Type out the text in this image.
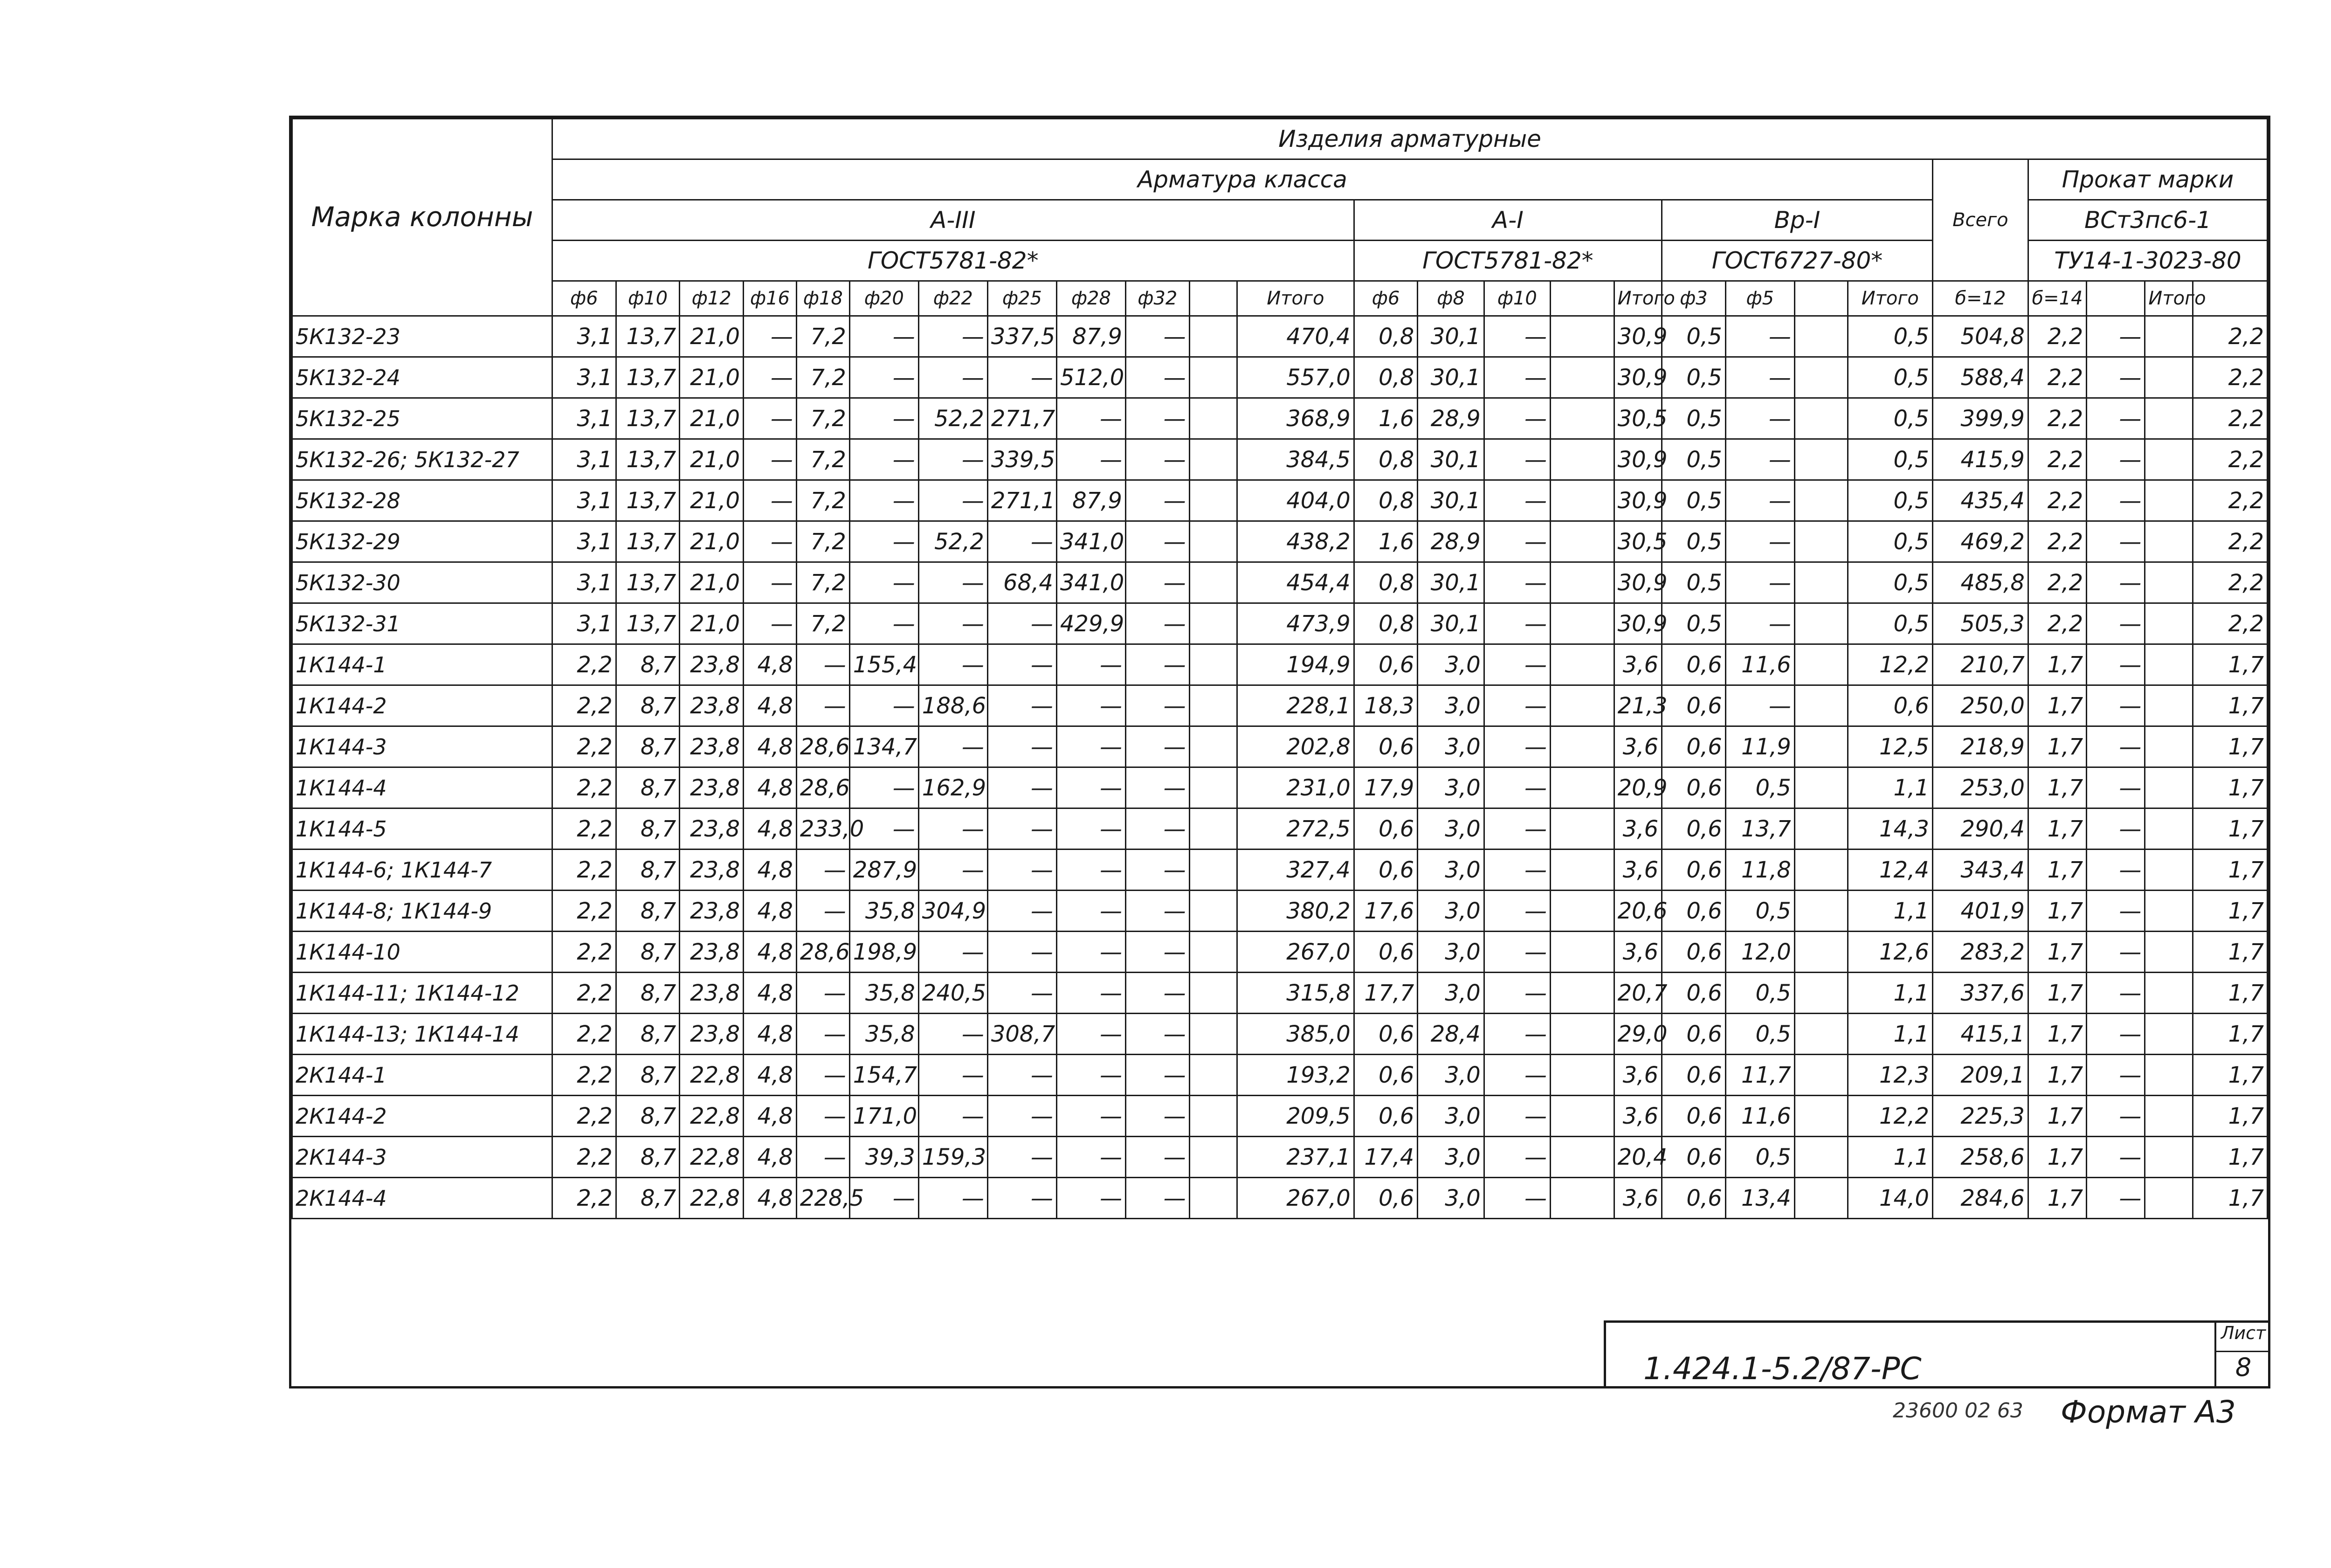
Марка колонны	Изделия арматурные	
	Арматура класса																					Всего	Прокат марки				
	А-III												А-I					Вр-I					ВСт3пс6-1				
	ГОСТ5781-82*												ГОСТ5781-82*					ГОСТ6727-80*					ТУ14-1-3023-80				
	ф6	ф10	ф12	ф16	ф18	ф20	ф22	ф25	ф28	ф32		Итого	ф6	ф8	ф10		Итого	ф3	ф5		Итого	б=12	б=14		Итого		
5К132-23	3,1	13,7	21,0	—	7,2	—	—	337,5	87,9	—		470,4	0,8	30,1	—		30,9	0,5	—		0,5	504,8	2,2	—		2,2	
5К132-24	3,1	13,7	21,0	—	7,2	—	—	—	512,0	—		557,0	0,8	30,1	—		30,9	0,5	—		0,5	588,4	2,2	—		2,2	
5К132-25	3,1	13,7	21,0	—	7,2	—	52,2	271,7	—	—		368,9	1,6	28,9	—		30,5	0,5	—		0,5	399,9	2,2	—		2,2	
5К132-26; 5К132-27	3,1	13,7	21,0	—	7,2	—	—	339,5	—	—		384,5	0,8	30,1	—		30,9	0,5	—		0,5	415,9	2,2	—		2,2	
5К132-28	3,1	13,7	21,0	—	7,2	—	—	271,1	87,9	—		404,0	0,8	30,1	—		30,9	0,5	—		0,5	435,4	2,2	—		2,2	
5К132-29	3,1	13,7	21,0	—	7,2	—	52,2	—	341,0	—		438,2	1,6	28,9	—		30,5	0,5	—		0,5	469,2	2,2	—		2,2	
5К132-30	3,1	13,7	21,0	—	7,2	—	—	68,4	341,0	—		454,4	0,8	30,1	—		30,9	0,5	—		0,5	485,8	2,2	—		2,2	
5К132-31	3,1	13,7	21,0	—	7,2	—	—	—	429,9	—		473,9	0,8	30,1	—		30,9	0,5	—		0,5	505,3	2,2	—		2,2	
1К144-1	2,2	8,7	23,8	4,8	—	155,4	—	—	—	—		194,9	0,6	3,0	—		3,6	0,6	11,6		12,2	210,7	1,7	—		1,7	
1К144-2	2,2	8,7	23,8	4,8	—	—	188,6	—	—	—		228,1	18,3	3,0	—		21,3	0,6	—		0,6	250,0	1,7	—		1,7	
1К144-3	2,2	8,7	23,8	4,8	28,6	134,7	—	—	—	—		202,8	0,6	3,0	—		3,6	0,6	11,9		12,5	218,9	1,7	—		1,7	
1К144-4	2,2	8,7	23,8	4,8	28,6	—	162,9	—	—	—		231,0	17,9	3,0	—		20,9	0,6	0,5		1,1	253,0	1,7	—		1,7	
1К144-5	2,2	8,7	23,8	4,8	233,0	—	—	—	—	—		272,5	0,6	3,0	—		3,6	0,6	13,7		14,3	290,4	1,7	—		1,7	
1К144-6; 1К144-7	2,2	8,7	23,8	4,8	—	287,9	—	—	—	—		327,4	0,6	3,0	—		3,6	0,6	11,8		12,4	343,4	1,7	—		1,7	
1К144-8; 1К144-9	2,2	8,7	23,8	4,8	—	35,8	304,9	—	—	—		380,2	17,6	3,0	—		20,6	0,6	0,5		1,1	401,9	1,7	—		1,7	
1К144-10	2,2	8,7	23,8	4,8	28,6	198,9	—	—	—	—		267,0	0,6	3,0	—		3,6	0,6	12,0		12,6	283,2	1,7	—		1,7	
1К144-11; 1К144-12	2,2	8,7	23,8	4,8	—	35,8	240,5	—	—	—		315,8	17,7	3,0	—		20,7	0,6	0,5		1,1	337,6	1,7	—		1,7	
1К144-13; 1К144-14	2,2	8,7	23,8	4,8	—	35,8	—	308,7	—	—		385,0	0,6	28,4	—		29,0	0,6	0,5		1,1	415,1	1,7	—		1,7	
2К144-1	2,2	8,7	22,8	4,8	—	154,7	—	—	—	—		193,2	0,6	3,0	—		3,6	0,6	11,7		12,3	209,1	1,7	—		1,7	
2К144-2	2,2	8,7	22,8	4,8	—	171,0	—	—	—	—		209,5	0,6	3,0	—		3,6	0,6	11,6		12,2	225,3	1,7	—		1,7	
2К144-3	2,2	8,7	22,8	4,8	—	39,3	159,3	—	—	—		237,1	17,4	3,0	—		20,4	0,6	0,5		1,1	258,6	1,7	—		1,7	
2К144-4	2,2	8,7	22,8	4,8	228,5	—	—	—	—	—		267,0	0,6	3,0	—		3,6	0,6	13,4		14,0	284,6	1,7	—		1,7	

1.424.1-5.2/87-РС
Лист
8
23600 02 63 Формат А3
